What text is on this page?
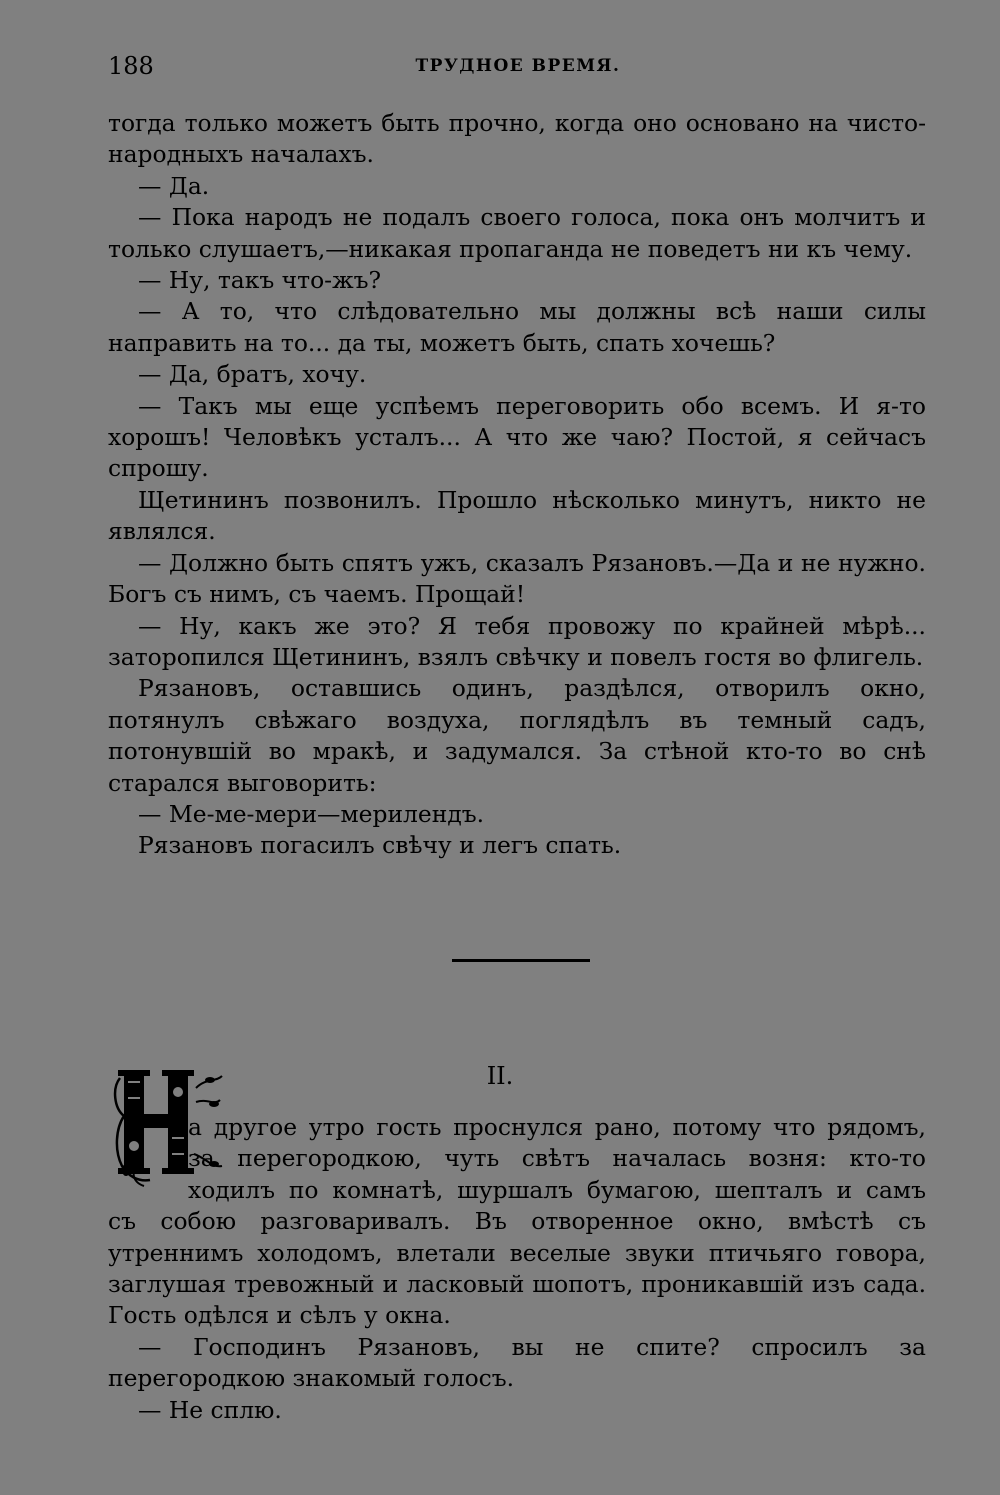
188	ТРУДНОЕ ВРЕМЯ.

тогда только можетъ быть прочно, когда оно основано на чисто-народныхъ началахъ.

— Да.

— Пока народъ не подалъ своего голоса, пока онъ молчитъ и только слушаетъ,—никакая пропаганда не поведетъ ни къ чему.

— Ну, такъ что-жъ?

— А то, что слѣдовательно мы должны всѣ наши силы направить на то... да ты, можетъ быть, спать хочешь?

— Да, братъ, хочу.

— Такъ мы еще успѣемъ переговорить обо всемъ. И я-то хорошъ! Человѣкъ усталъ... А что же чаю? Постой, я сейчасъ спрошу.

Щетининъ позвонилъ. Прошло нѣсколько минутъ, никто не являлся.

— Должно быть спятъ ужъ, сказалъ Рязановъ.—Да и не нужно. Богъ съ нимъ, съ чаемъ. Прощай!

— Ну, какъ же это? Я тебя провожу по крайней мѣрѣ... заторопился Щетининъ, взялъ свѣчку и повелъ гостя во флигель.

Рязановъ, оставшись одинъ, раздѣлся, отворилъ окно, потянулъ свѣжаго воздуха, поглядѣлъ въ темный садъ, потонувшій во мракѣ, и задумался. За стѣной кто-то во снѣ старался выговорить:

— Ме-ме-мери—мерилендъ.

Рязановъ погасилъ свѣчу и легъ спать.

II.

а другое утро гость проснулся рано, потому что рядомъ,

за перегородкою, чуть свѣтъ началась возня: кто-то

ходилъ по комнатѣ, шуршалъ бумагою, шепталъ и самъ

съ собою разговаривалъ. Въ отворенное окно, вмѣстѣ съ утреннимъ холодомъ, влетали веселые звуки птичьяго говора, заглушая тревожный и ласковый шопотъ, проникавшій изъ сада. Гость одѣлся и сѣлъ у окна.

— Господинъ Рязановъ, вы не спите? спросилъ за перегородкою знакомый голосъ.

— Не сплю.
